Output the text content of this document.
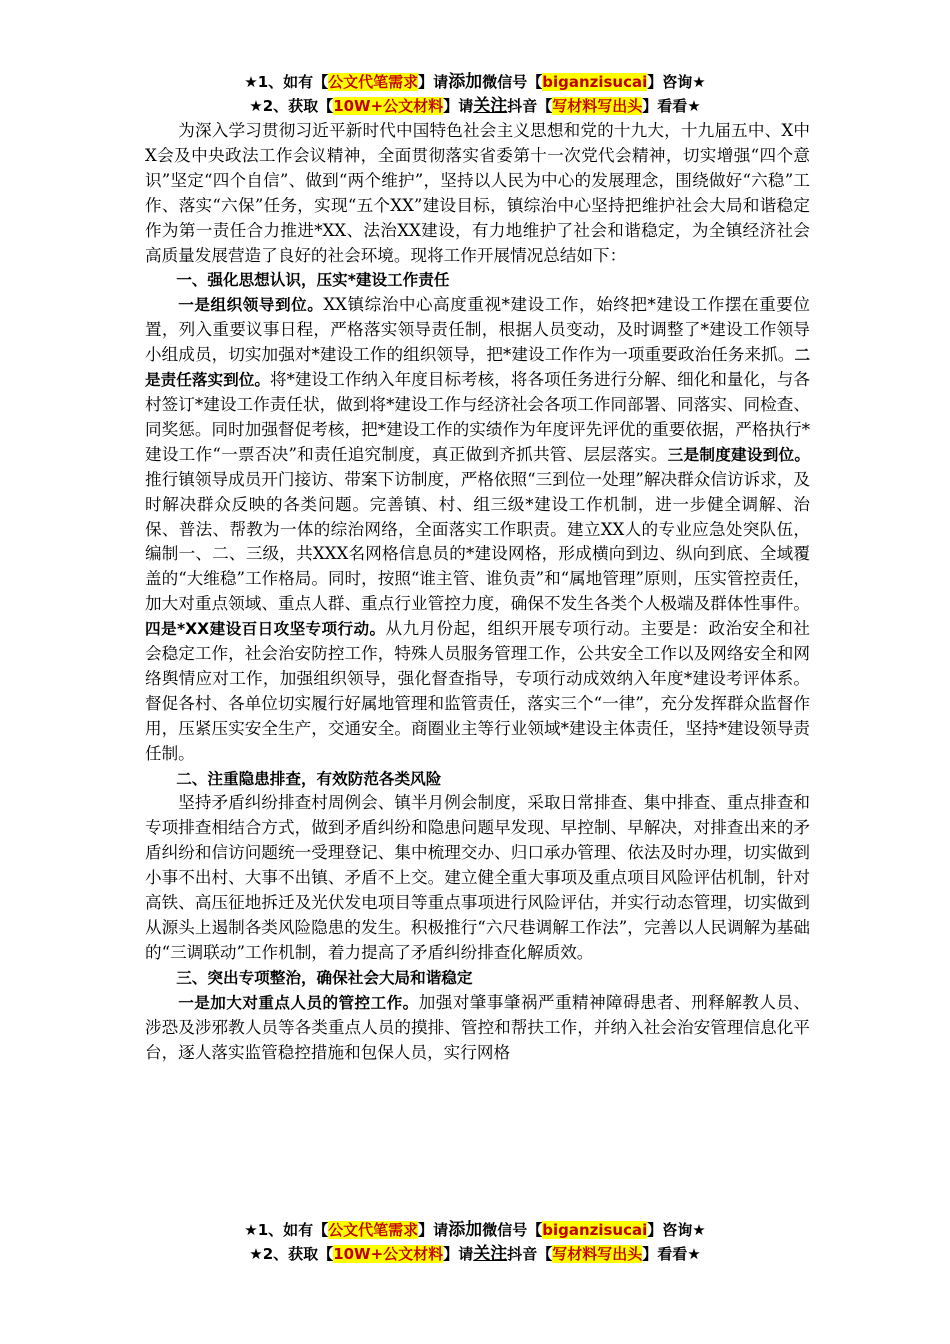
★1、如有【公文代笔需求】请添加微信号【biganzisucai】咨询★
★2、获取【10W+公文材料】请关注抖音【写材料写出头】看看★

为深入学习贯彻习近平新时代中国特色社会主义思想和党的十九大，十九届五中、X中X会及中央政法工作会议精神，全面贯彻落实省委第十一次党代会精神，切实增强“四个意识”坚定“四个自信”、做到“两个维护”，坚持以人民为中心的发展理念，围绕做好“六稳”工作、落实“六保”任务，实现“五个XX”建设目标，镇综治中心坚持把维护社会大局和谐稳定作为第一责任合力推进*XX、法治XX建设，有力地维护了社会和谐稳定，为全镇经济社会高质量发展营造了良好的社会环境。现将工作开展情况总结如下：

一、强化思想认识，压实*建设工作责任

一是组织领导到位。XX镇综治中心高度重视*建设工作，始终把*建设工作摆在重要位置，列入重要议事日程，严格落实领导责任制，根据人员变动，及时调整了*建设工作领导小组成员，切实加强对*建设工作的组织领导，把*建设工作作为一项重要政治任务来抓。二是责任落实到位。将*建设工作纳入年度目标考核，将各项任务进行分解、细化和量化，与各村签订*建设工作责任状，做到将*建设工作与经济社会各项工作同部署、同落实、同检查、同奖惩。同时加强督促考核，把*建设工作的实绩作为年度评先评优的重要依据，严格执行*建设工作“一票否决”和责任追究制度，真正做到齐抓共管、层层落实。三是制度建设到位。推行镇领导成员开门接访、带案下访制度，严格依照“三到位一处理”解决群众信访诉求，及时解决群众反映的各类问题。完善镇、村、组三级*建设工作机制，进一步健全调解、治保、普法、帮教为一体的综治网络，全面落实工作职责。建立XX人的专业应急处突队伍，编制一、二、三级，共XXX名网格信息员的*建设网格，形成横向到边、纵向到底、全域覆盖的“大维稳”工作格局。同时，按照“谁主管、谁负责”和“属地管理”原则，压实管控责任，加大对重点领域、重点人群、重点行业管控力度，确保不发生各类个人极端及群体性事件。四是*XX建设百日攻坚专项行动。从九月份起，组织开展专项行动。主要是：政治安全和社会稳定工作，社会治安防控工作，特殊人员服务管理工作，公共安全工作以及网络安全和网络舆情应对工作，加强组织领导，强化督查指导，专项行动成效纳入年度*建设考评体系。督促各村、各单位切实履行好属地管理和监管责任，落实三个“一律”，充分发挥群众监督作用，压紧压实安全生产，交通安全。商圈业主等行业领域*建设主体责任，坚持*建设领导责任制。

二、注重隐患排查，有效防范各类风险

坚持矛盾纠纷排查村周例会、镇半月例会制度，采取日常排查、集中排查、重点排查和专项排查相结合方式，做到矛盾纠纷和隐患问题早发现、早控制、早解决，对排查出来的矛盾纠纷和信访问题统一受理登记、集中梳理交办、归口承办管理、依法及时办理，切实做到小事不出村、大事不出镇、矛盾不上交。建立健全重大事项及重点项目风险评估机制，针对高铁、高压征地拆迁及光伏发电项目等重点事项进行风险评估，并实行动态管理，切实做到从源头上遏制各类风险隐患的发生。积极推行“六尺巷调解工作法”，完善以人民调解为基础的“三调联动”工作机制，着力提高了矛盾纠纷排查化解质效。

三、突出专项整治，确保社会大局和谐稳定

一是加大对重点人员的管控工作。加强对肇事肇祸严重精神障碍患者、刑释解教人员、涉恐及涉邪教人员等各类重点人员的摸排、管控和帮扶工作，并纳入社会治安管理信息化平台，逐人落实监管稳控措施和包保人员，实行网格

★1、如有【公文代笔需求】请添加微信号【biganzisucai】咨询★
★2、获取【10W+公文材料】请关注抖音【写材料写出头】看看★
